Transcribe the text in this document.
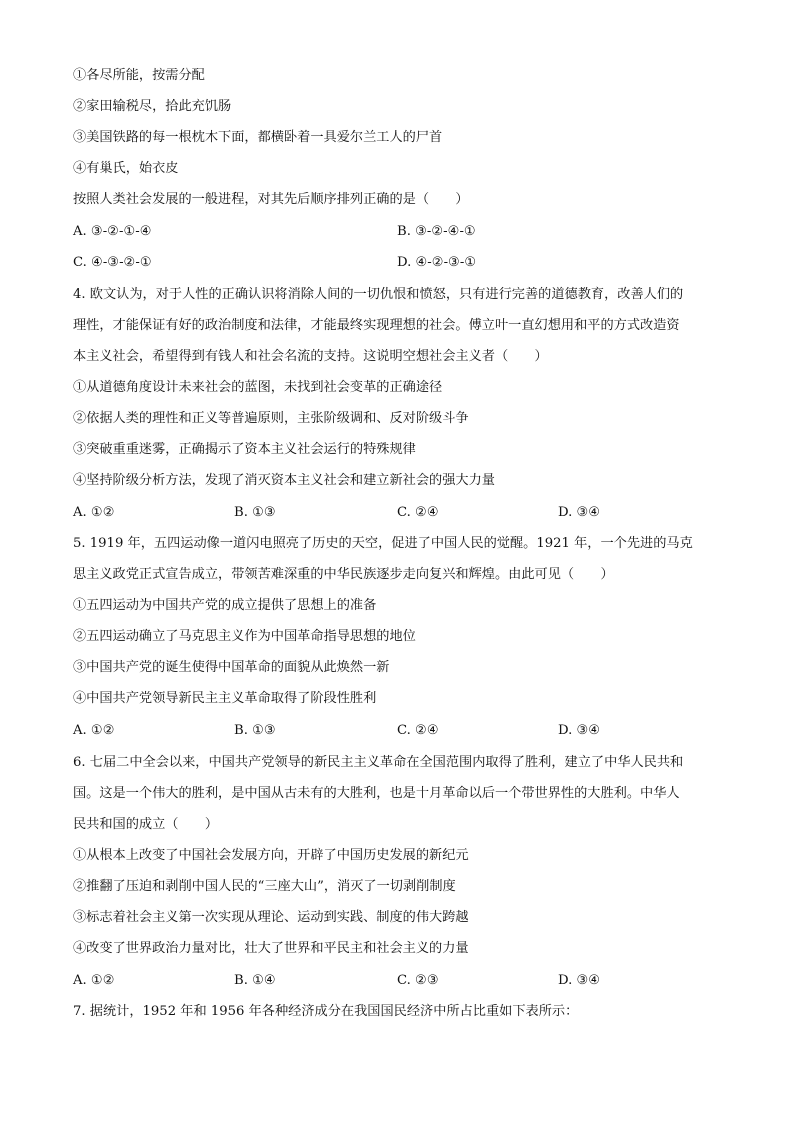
①各尽所能，按需分配
②家田输税尽，拾此充饥肠
③美国铁路的每一根枕木下面，都横卧着一具爱尔兰工人的尸首
④有巢氏，始衣皮
按照人类社会发展的一般进程，对其先后顺序排列正确的是（　　）
A. ③-②-①-④	B. ③-②-④-①
C. ④-③-②-①	D. ④-②-③-①
4. 欧文认为，对于人性的正确认识将消除人间的一切仇恨和愤怒，只有进行完善的道德教育，改善人们的
理性，才能保证有好的政治制度和法律，才能最终实现理想的社会。傅立叶一直幻想用和平的方式改造资
本主义社会，希望得到有钱人和社会名流的支持。这说明空想社会主义者（　　）
①从道德角度设计未来社会的蓝图，未找到社会变革的正确途径
②依据人类的理性和正义等普遍原则，主张阶级调和、反对阶级斗争
③突破重重迷雾，正确揭示了资本主义社会运行的特殊规律
④坚持阶级分析方法，发现了消灭资本主义社会和建立新社会的强大力量
A. ①②	B. ①③	C. ②④	D. ③④
5. 1919 年，五四运动像一道闪电照亮了历史的天空，促进了中国人民的觉醒。1921 年，一个先进的马克
思主义政党正式宣告成立，带领苦难深重的中华民族逐步走向复兴和辉煌。由此可见（　　）
①五四运动为中国共产党的成立提供了思想上的准备
②五四运动确立了马克思主义作为中国革命指导思想的地位
③中国共产党的诞生使得中国革命的面貌从此焕然一新
④中国共产党领导新民主主义革命取得了阶段性胜利
A. ①②	B. ①③	C. ②④	D. ③④
6. 七届二中全会以来，中国共产党领导的新民主主义革命在全国范围内取得了胜利，建立了中华人民共和
国。这是一个伟大的胜利，是中国从古未有的大胜利，也是十月革命以后一个带世界性的大胜利。中华人
民共和国的成立（　　）
①从根本上改变了中国社会发展方向，开辟了中国历史发展的新纪元
②推翻了压迫和剥削中国人民的“三座大山”，消灭了一切剥削制度
③标志着社会主义第一次实现从理论、运动到实践、制度的伟大跨越
④改变了世界政治力量对比，壮大了世界和平民主和社会主义的力量
A. ①②	B. ①④	C. ②③	D. ③④
7. 据统计，1952 年和 1956 年各种经济成分在我国国民经济中所占比重如下表所示：
